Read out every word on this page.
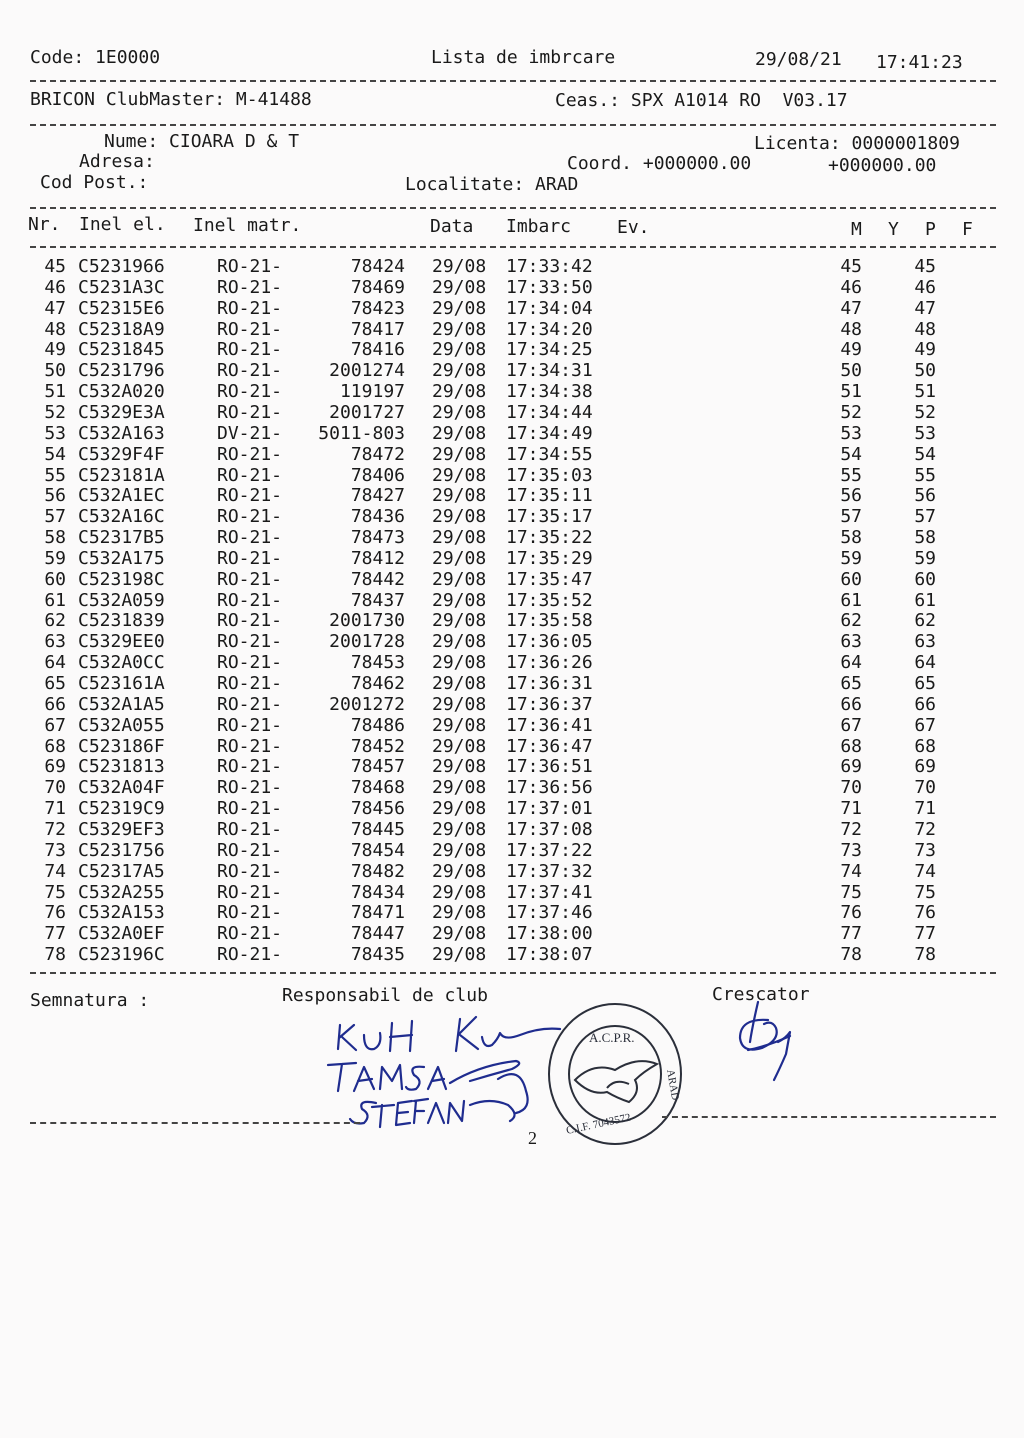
Code: 1E0000	Lista de imbrcare	29/08/21 17:41:23
BRICON ClubMaster: M-41488	Ceas.: SPX A1014 RO  V03.17
Nume: CIOARA D & T	Licenta: 0000001809
Adresa:	Coord. +000000.00	+000000.00
Cod Post.:	Localitate: ARAD
Nr. Inel el. Inel matr.	Data Imbarc	Ev.	M Y P F
45 C5231966	RO-21-	78424 29/08 17:33:42	45	45
46 C5231A3C	RO-21-	78469 29/08 17:33:50	46	46
47 C52315E6	RO-21-	78423 29/08 17:34:04	47	47
48 C52318A9	RO-21-	78417 29/08 17:34:20	48	48
49 C5231845	RO-21-	78416 29/08 17:34:25	49	49
50 C5231796	RO-21-	2001274 29/08 17:34:31	50	50
51 C532A020	RO-21-	119197 29/08 17:34:38	51	51
52 C5329E3A	RO-21-	2001727 29/08 17:34:44	52	52
53 C532A163	DV-21-	5011-803 29/08 17:34:49	53	53
54 C5329F4F	RO-21-	78472 29/08 17:34:55	54	54
55 C523181A	RO-21-	78406 29/08 17:35:03	55	55
56 C532A1EC	RO-21-	78427 29/08 17:35:11	56	56
57 C532A16C	RO-21-	78436 29/08 17:35:17	57	57
58 C52317B5	RO-21-	78473 29/08 17:35:22	58	58
59 C532A175	RO-21-	78412 29/08 17:35:29	59	59
60 C523198C	RO-21-	78442 29/08 17:35:47	60	60
61 C532A059	RO-21-	78437 29/08 17:35:52	61	61
62 C5231839	RO-21-	2001730 29/08 17:35:58	62	62
63 C5329EE0	RO-21-	2001728 29/08 17:36:05	63	63
64 C532A0CC	RO-21-	78453 29/08 17:36:26	64	64
65 C523161A	RO-21-	78462 29/08 17:36:31	65	65
66 C532A1A5	RO-21-	2001272 29/08 17:36:37	66	66
67 C532A055	RO-21-	78486 29/08 17:36:41	67	67
68 C523186F	RO-21-	78452 29/08 17:36:47	68	68
69 C5231813	RO-21-	78457 29/08 17:36:51	69	69
70 C532A04F	RO-21-	78468 29/08 17:36:56	70	70
71 C52319C9	RO-21-	78456 29/08 17:37:01	71	71
72 C5329EF3	RO-21-	78445 29/08 17:37:08	72	72
73 C5231756	RO-21-	78454 29/08 17:37:22	73	73
74 C52317A5	RO-21-	78482 29/08 17:37:32	74	74
75 C532A255	RO-21-	78434 29/08 17:37:41	75	75
76 C532A153	RO-21-	78471 29/08 17:37:46	76	76
77 C532A0EF	RO-21-	78447 29/08 17:38:00	77	77
78 C523196C	RO-21-	78435 29/08 17:38:07	78	78
Semnatura :	Responsabil de club	Crescator
A.C.P.R.
ARAD
C.I.F. 7043572
2
